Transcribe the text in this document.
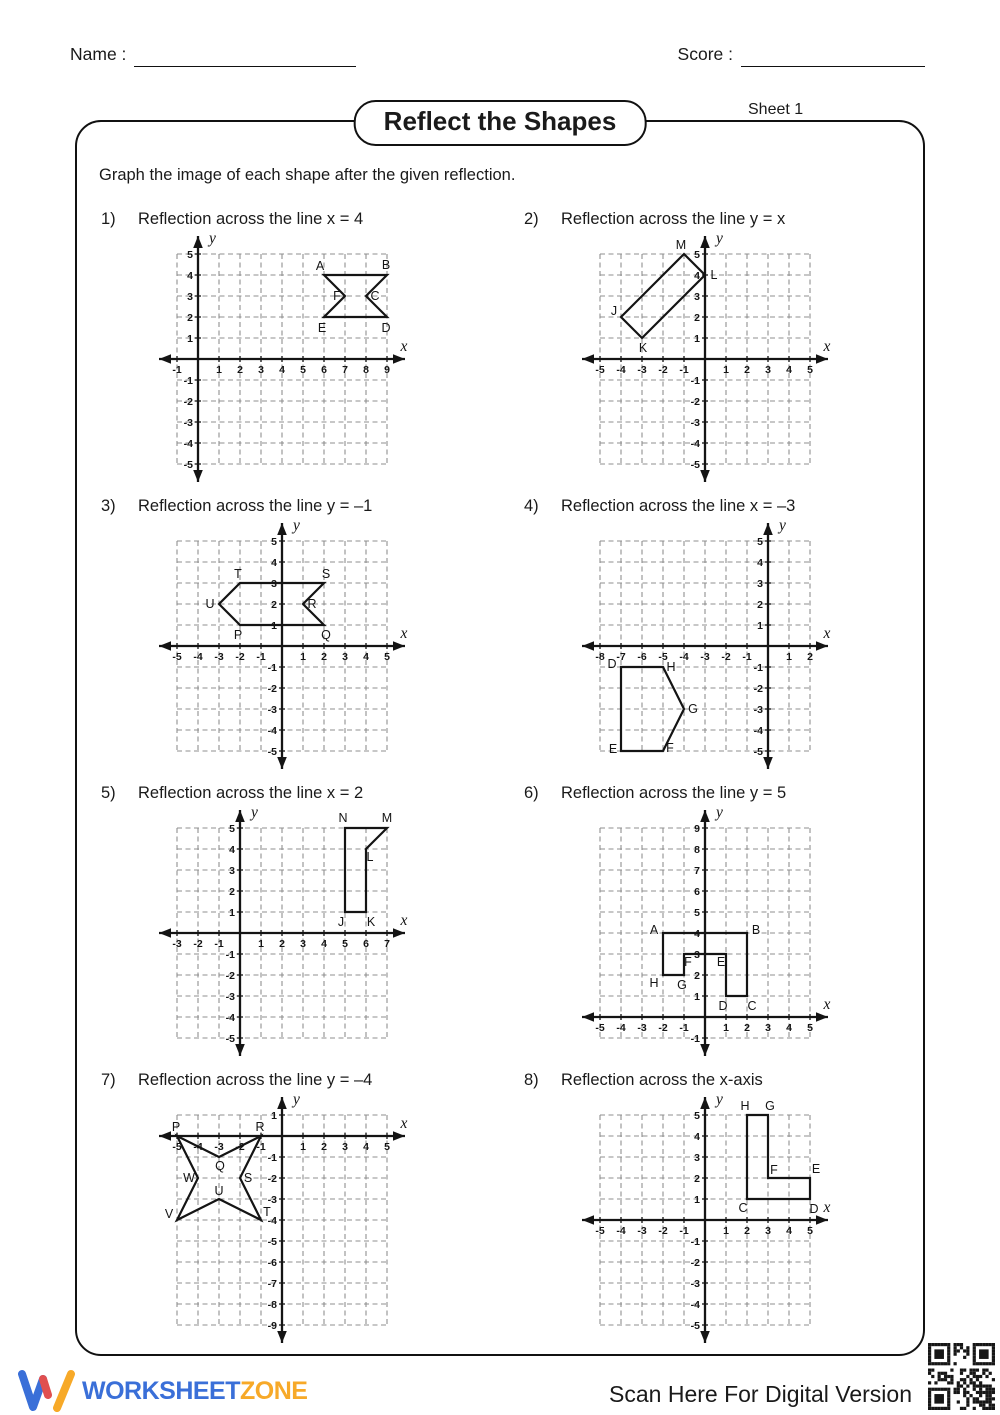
Name :	Score :
Sheet 1
Reflect the Shapes
Graph the image of each shape after the given reflection.
1)	Reflection across the line x = 4
-1	1 2 3 4 5 6 7 8 9
-5
-4
-3
-2
-1
1
2
3
4
5
x
y
A	B
C
D
E
F
2)	Reflection across the line y = x
-5 -4 -3 -2 -1	1 2 3 4 5
-5
-4
-3
-2
-1
1
2
3
4
5
x
y
M
L
K
J
3)	Reflection across the line y = –1
-5 -4 -3 -2 -1	1 2 3 4 5
-5
-4
-3
-2
-1
1
2
3
4
5
x
y
T	S
R
Q
P
U
4)	Reflection across the line x = –3
-8 -7 -6 -5 -4 -3 -2 -1	1 2
-5
-4
-3
-2
-1
1
2
3
4
5
x
y
D	H
G
F
E
5)	Reflection across the line x = 2
-3 -2 -1	1 2 3 4 5 6 7
-5
-4
-3
-2
-1
1
2
3
4
5
x
y	N	M
L
K
J
6)	Reflection across the line y = 5
-5 -4 -3 -2 -1	1 2 3 4 5
-1
1
2
3
4
5
6
7
8
9
x
y
A	B
C
D
E
F
G
H
7)	Reflection across the line y = –4
-5 -4 -3 -2 -1	1 2 3 4 5
-9
-8
-7
-6
-5
-4
-3
-2
-1
1	x
y
P
Q
R
S
T
U
V
W
8)	Reflection across the x-axis
-5 -4 -3 -2 -1	1 2 3 4 5
-5
-4
-3
-2
-1
1
2
3
4
5
x
y H G
F	E
D
C
WORKSHEETZONE	Scan Here For Digital Version
